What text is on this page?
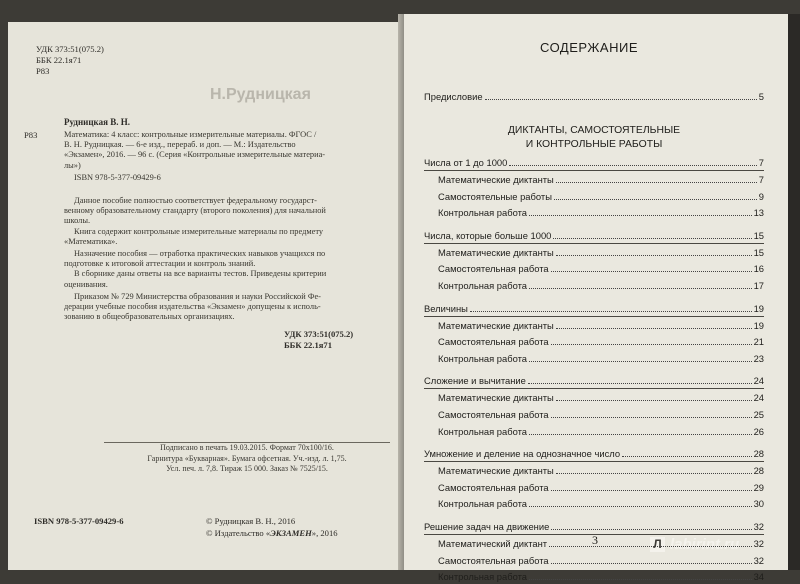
Н.Рудницкая
УДК 373:51(075.2)
ББК 22.1я71
Р83
Рудницкая В. Н.
Р83	Математика: 4 класс: контрольные измерительные материалы. ФГОС /
В. Н. Рудницкая. — 6-е изд., перераб. и доп. — М.: Издательство
«Экзамен», 2016. — 96 с. (Серия «Контрольные измерительные материа-
лы»)
ISBN 978-5-377-09429-6
Данное пособие полностью соответствует федеральному государст-
венному образовательному стандарту (второго поколения) для начальной
школы.
Книга содержит контрольные измерительные материалы по предмету
«Математика».
Назначение пособия — отработка практических навыков учащихся по
подготовке к итоговой аттестации и контроль знаний.
В сборнике даны ответы на все варианты тестов. Приведены критерии
оценивания.
Приказом № 729 Министерства образования и науки Российской Фе-
дерации учебные пособия издательства «Экзамен» допущены к исполь-
зованию в общеобразовательных организациях.
УДК 373:51(075.2)
ББК 22.1я71
Подписано в печать 19.03.2015. Формат 70х100/16.
Гарнитура «Букварная». Бумага офсетная. Уч.-изд. л. 1,75.
Усл. печ. л. 7,8. Тираж 15 000. Заказ № 7525/15.
ISBN 978-5-377-09429-6	© Рудницкая В. Н., 2016
© Издательство «ЭКЗАМЕН», 2016
СОДЕРЖАНИЕ
Предисловие	5
ДИКТАНТЫ, САМОСТОЯТЕЛЬНЫЕ
И КОНТРОЛЬНЫЕ РАБОТЫ
3	Л labirint.ru
Числа от 1 до 1000	7
Математические диктанты	7
Самостоятельные работы	9
Контрольная работа	13
Числа, которые больше 1000	15
Математические диктанты	15
Самостоятельная работа	16
Контрольная работа	17
Величины	19
Математические диктанты	19
Самостоятельная работа	21
Контрольная работа	23
Сложение и вычитание	24
Математические диктанты	24
Самостоятельная работа	25
Контрольная работа	26
Умножение и деление на однозначное число	28
Математические диктанты	28
Самостоятельная работа	29
Контрольная работа	30
Решение задач на движение	32
Математический диктант	32
Самостоятельная работа	32
Контрольная работа	34
